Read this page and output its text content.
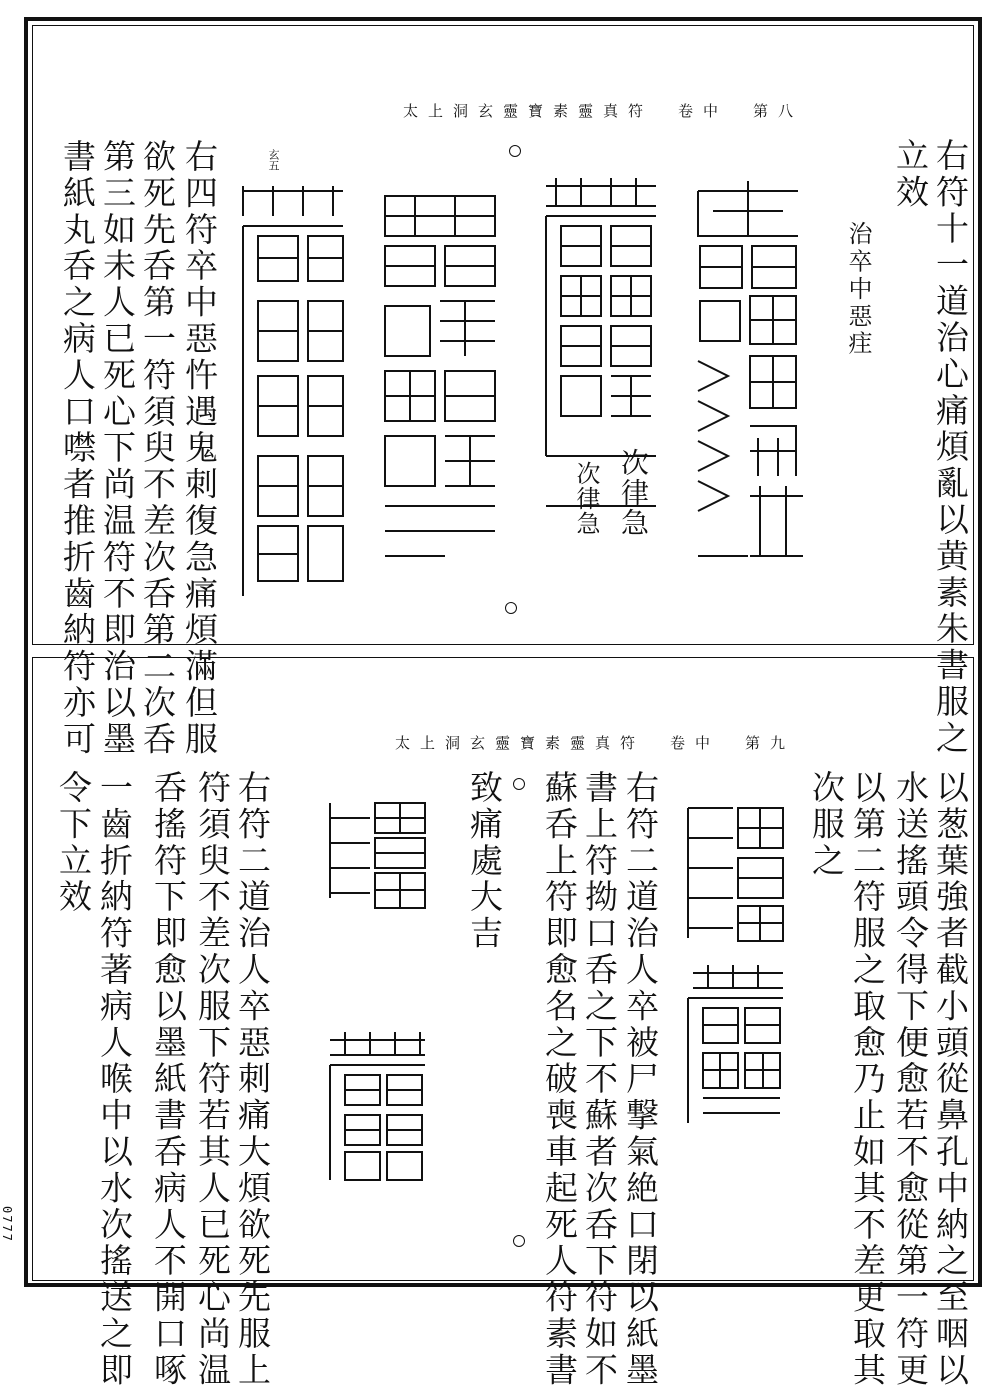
太上洞玄靈寶素靈真符　卷中　第八
右符十一道治心痛煩亂以黄素朱書服之
立效
治卒中惡疰
次律急
次律急
玄五
右四符卒中惡忤遇鬼刺復急痛煩滿但服
欲死先呑第一符須臾不差次呑第二次呑
第三如未人已死心下尚温符不即治以墨
書紙丸呑之病人口噤者推折齒納符亦可	太上洞玄靈寶素靈真符　卷中　第九
以葱葉強者截小頭從鼻孔中納之至咽以
水送搖頭令得下便愈若不愈從第一符更
以第二符服之取愈乃止如其不差更取其
次服之
右符二道治人卒被尸撃氣絶口閉以紙墨
書上符拗口呑之下不蘇者次呑下符如不
蘇呑上符即愈名之破喪車起死人符素書
致痛處大吉
右符二道治人卒惡刺痛大煩欲死先服上
符須臾不差次服下符若其人已死心尚温
呑搖符下即愈以墨紙書呑病人不開口啄
一齒折納符著病人喉中以水次搖送之即
令下立效
0777
